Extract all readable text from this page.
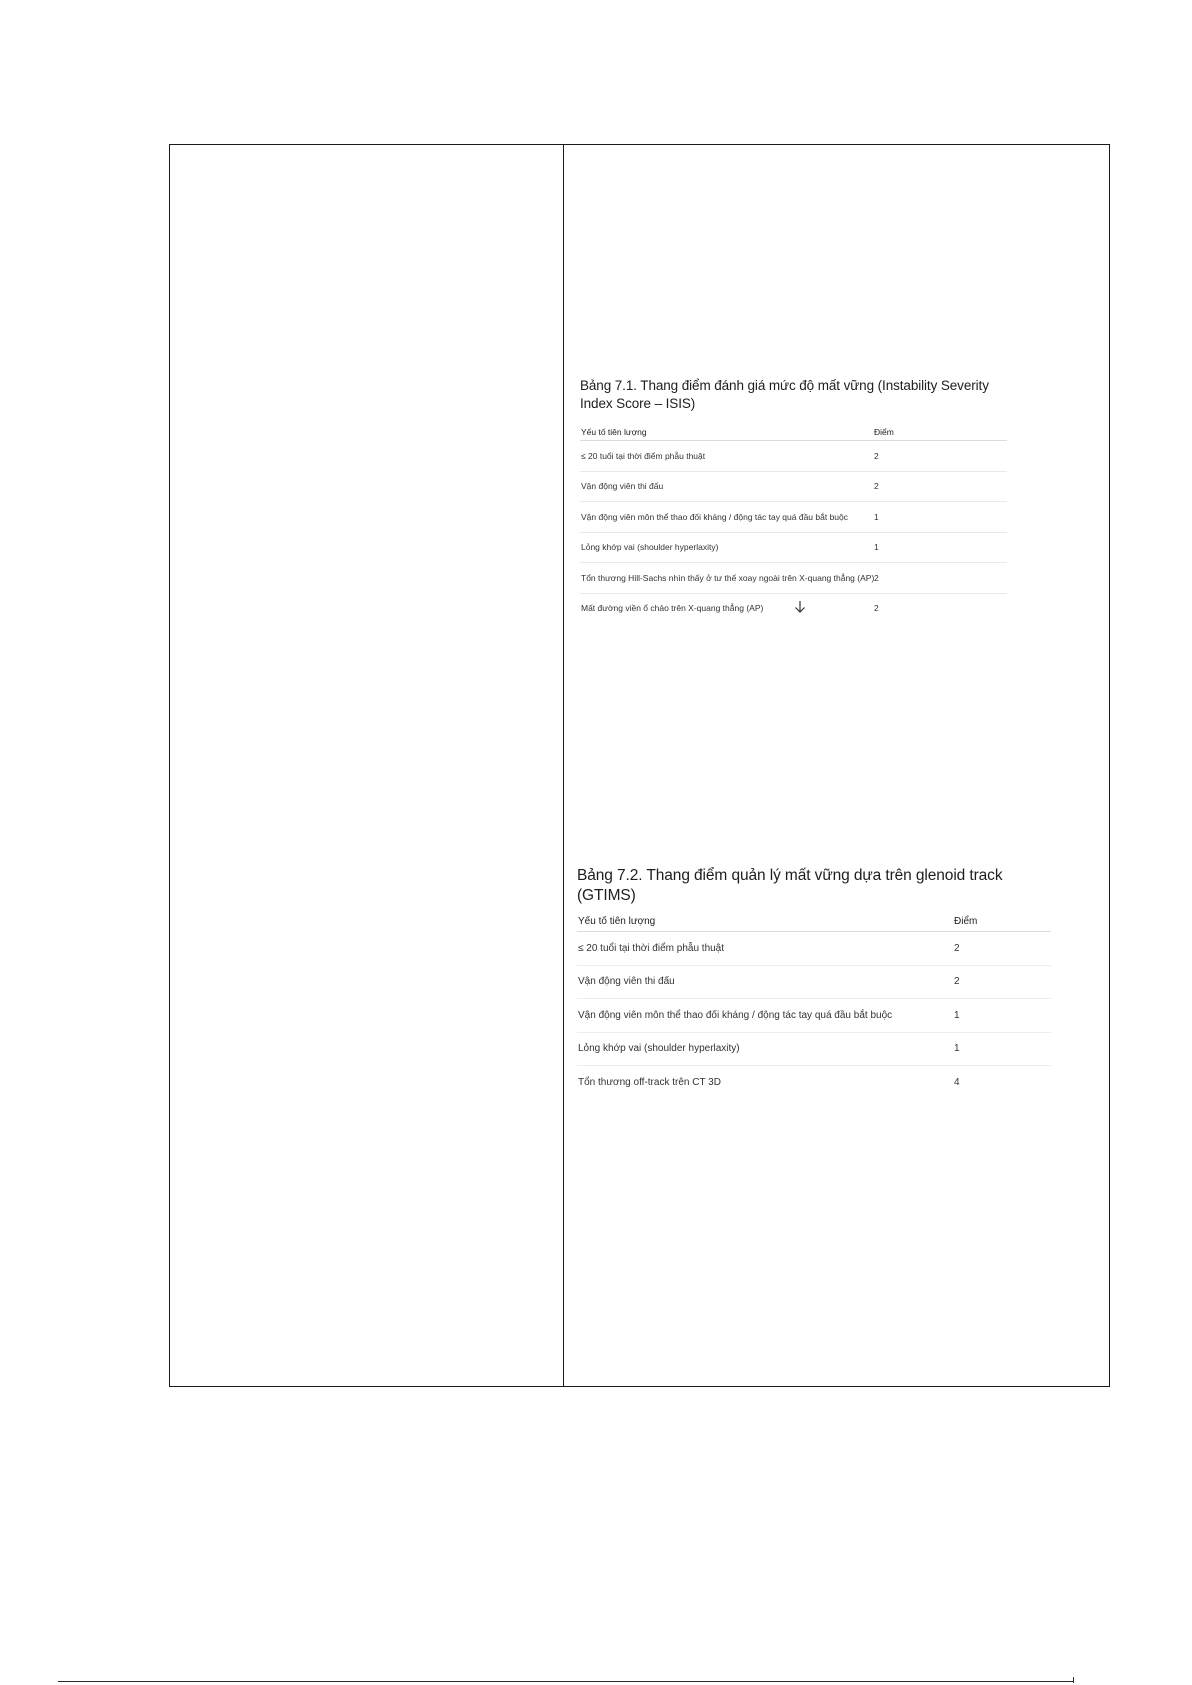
Bảng 7.1. Thang điểm đánh giá mức độ mất vững (Instability Severity Index Score – ISIS)
Yếu tố tiên lượng	Điểm
≤ 20 tuổi tại thời điểm phẫu thuật	2
Vận động viên thi đấu	2
Vận động viên môn thể thao đối kháng / động tác tay quá đầu bắt buộc	1
Lỏng khớp vai (shoulder hyperlaxity)	1
Tổn thương Hill-Sachs nhìn thấy ở tư thế xoay ngoài trên X-quang thẳng (AP) 2
Mất đường viền ổ chảo trên X-quang thẳng (AP)	2
Bảng 7.2. Thang điểm quản lý mất vững dựa trên glenoid track (GTIMS)
Yếu tố tiên lượng	Điểm
≤ 20 tuổi tại thời điểm phẫu thuật	2
Vận động viên thi đấu	2
Vận động viên môn thể thao đối kháng / động tác tay quá đầu bắt buộc	1
Lỏng khớp vai (shoulder hyperlaxity)	1
Tổn thương off-track trên CT 3D	4
